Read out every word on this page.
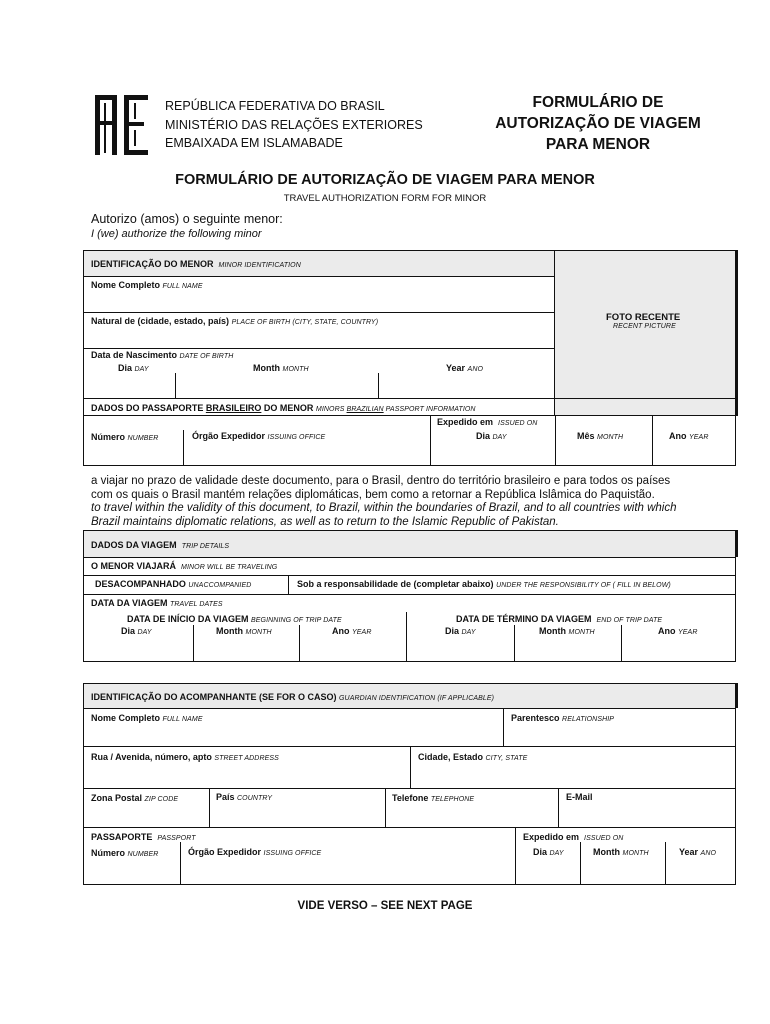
REPÚBLICA FEDERATIVA DO BRASIL
MINISTÉRIO DAS RELAÇÕES EXTERIORES
EMBAIXADA EM ISLAMABADE
FORMULÁRIO DE
AUTORIZAÇÃO DE VIAGEM
PARA MENOR
FORMULÁRIO DE AUTORIZAÇÃO DE VIAGEM PARA MENOR
TRAVEL AUTHORIZATION FORM FOR MINOR
Autorizo (amos) o seguinte menor:
I (we) authorize the following minor
IDENTIFICAÇÃO DO MENOR MINOR IDENTIFICATION
Nome Completo FULL NAME
Natural de (cidade, estado, país) PLACE OF BIRTH (CITY, STATE, COUNTRY)	FOTO RECENTE
RECENT PICTURE
Data de Nascimento DATE OF BIRTH
Dia DAY	Month MONTH	Year ANO
DADOS DO PASSAPORTE BRASILEIRO DO MENOR MINORS BRAZILIAN PASSPORT INFORMATION
Expedido em ISSUED ON
Número NUMBER	Órgão Expedidor ISSUING OFFICE	Dia DAY	Mês MONTH	Ano YEAR
a viajar no prazo de validade deste documento, para o Brasil, dentro do território brasileiro e para todos os países
com os quais o Brasil mantém relações diplomáticas, bem como a retornar a República Islâmica do Paquistão.
to travel within the validity of this document, to Brazil, within the boundaries of Brazil, and to all countries with which
Brazil maintains diplomatic relations, as well as to return to the Islamic Republic of Pakistan.
DADOS DA VIAGEM TRIP DETAILS
O MENOR VIAJARÁ MINOR WILL BE TRAVELING
DESACOMPANHADO UNACCOMPANIED	Sob a responsabilidade de (completar abaixo) UNDER THE RESPONSIBILITY OF ( FILL IN BELOW)
DATA DA VIAGEM TRAVEL DATES
DATA DE INÍCIO DA VIAGEM BEGINNING OF TRIP DATE	DATA DE TÉRMINO DA VIAGEM END OF TRIP DATE
Dia DAY	Month MONTH	Ano YEAR	Dia DAY	Month MONTH	Ano YEAR
IDENTIFICAÇÃO DO ACOMPANHANTE (SE FOR O CASO) GUARDIAN IDENTIFICATION (IF APPLICABLE)
Nome Completo FULL NAME	Parentesco RELATIONSHIP
Rua / Avenida, número, apto STREET ADDRESS	Cidade, Estado CITY, STATE
Zona Postal ZIP CODE	País COUNTRY	Telefone TELEPHONE	E-Mail
PASSAPORTE PASSPORT
Número NUMBER	Órgão Expedidor ISSUING OFFICE
Expedido em ISSUED ON
Dia DAY	Month MONTH	Year ANO
VIDE VERSO – SEE NEXT PAGE
